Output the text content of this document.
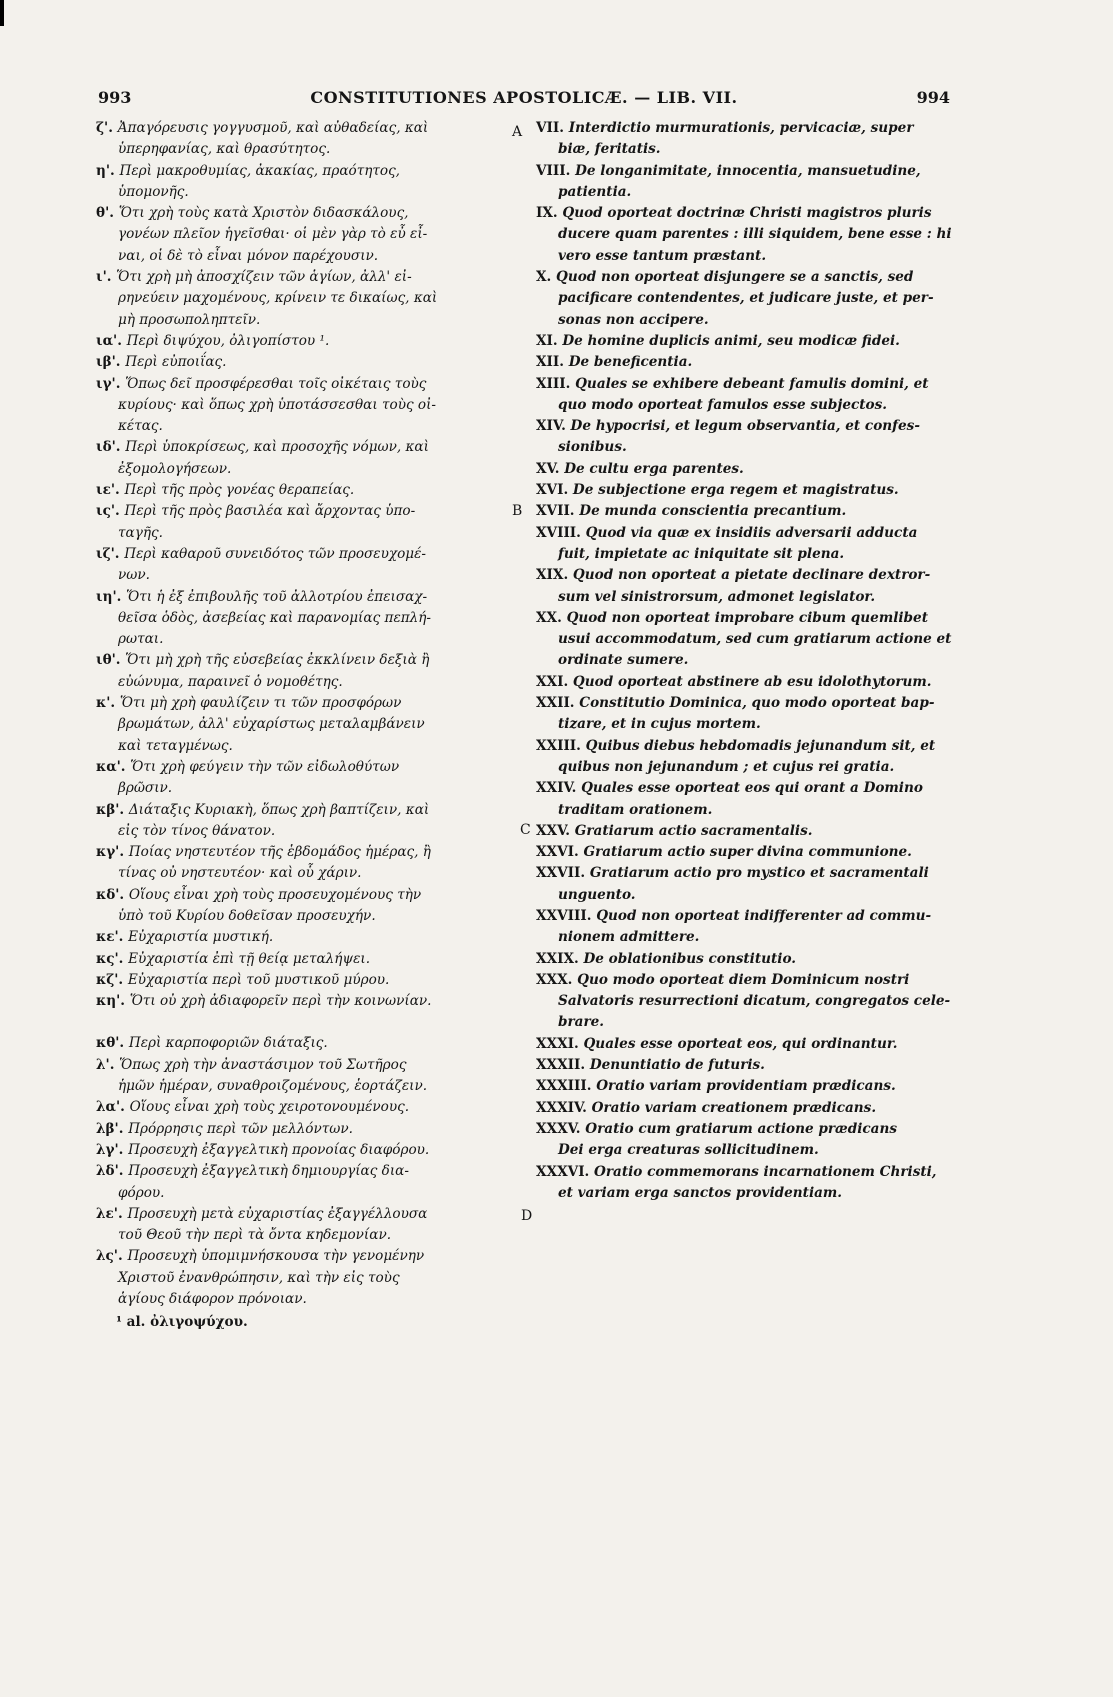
993	CONSTITUTIONES APOSTOLICÆ. — LIB. VII.	994
A
B
C
D
ζ'. Ἀπαγόρευσις γογγυσμοῦ, καὶ αὐθαδείας, καὶ
ὑπερηφανίας, καὶ θρασύτητος.
η'. Περὶ μακροθυμίας, ἀκακίας, πραότητος,
ὑπομονῆς.
θ'. Ὅτι χρὴ τοὺς κατὰ Χριστὸν διδασκάλους,
γονέων πλεῖον ἡγεῖσθαι· οἱ μὲν γὰρ τὸ εὖ εἶ-
ναι, οἱ δὲ τὸ εἶναι μόνον παρέχουσιν.
ι'. Ὅτι χρὴ μὴ ἀποσχίζειν τῶν ἁγίων, ἀλλ' εἰ-
ρηνεύειν μαχομένους, κρίνειν τε δικαίως, καὶ
μὴ προσωποληπτεῖν.
ια'. Περὶ διψύχου, ὀλιγοπίστου ¹.
ιβ'. Περὶ εὐποιΐας.
ιγ'. Ὅπως δεῖ προσφέρεσθαι τοῖς οἰκέταις τοὺς
κυρίους· καὶ ὅπως χρὴ ὑποτάσσεσθαι τοὺς οἰ-
κέτας.
ιδ'. Περὶ ὑποκρίσεως, καὶ προσοχῆς νόμων, καὶ
ἐξομολογήσεων.
ιε'. Περὶ τῆς πρὸς γονέας θεραπείας.
ις'. Περὶ τῆς πρὸς βασιλέα καὶ ἄρχοντας ὑπο-
ταγῆς.
ιζ'. Περὶ καθαροῦ συνειδότος τῶν προσευχομέ-
νων.
ιη'. Ὅτι ἡ ἐξ ἐπιβουλῆς τοῦ ἀλλοτρίου ἐπεισαχ-
θεῖσα ὁδὸς, ἀσεβείας καὶ παρανομίας πεπλή-
ρωται.
ιθ'. Ὅτι μὴ χρὴ τῆς εὐσεβείας ἐκκλίνειν δεξιὰ ἢ
εὐώνυμα, παραινεῖ ὁ νομοθέτης.
κ'. Ὅτι μὴ χρὴ φαυλίζειν τι τῶν προσφόρων
βρωμάτων, ἀλλ' εὐχαρίστως μεταλαμβάνειν
καὶ τεταγμένως.
κα'. Ὅτι χρὴ φεύγειν τὴν τῶν εἰδωλοθύτων
βρῶσιν.
κβ'. Διάταξις Κυριακὴ, ὅπως χρὴ βαπτίζειν, καὶ
εἰς τὸν τίνος θάνατον.
κγ'. Ποίας νηστευτέον τῆς ἑβδομάδος ἡμέρας, ἢ
τίνας οὐ νηστευτέον· καὶ οὗ χάριν.
κδ'. Οἵους εἶναι χρὴ τοὺς προσευχομένους τὴν
ὑπὸ τοῦ Κυρίου δοθεῖσαν προσευχήν.
κε'. Εὐχαριστία μυστική.
κς'. Εὐχαριστία ἐπὶ τῇ θείᾳ μεταλήψει.
κζ'. Εὐχαριστία περὶ τοῦ μυστικοῦ μύρου.
κη'. Ὅτι οὐ χρὴ ἀδιαφορεῖν περὶ τὴν κοινωνίαν.
κθ'. Περὶ καρποφοριῶν διάταξις.
λ'. Ὅπως χρὴ τὴν ἀναστάσιμον τοῦ Σωτῆρος
ἡμῶν ἡμέραν, συναθροιζομένους, ἑορτάζειν.
λα'. Οἵους εἶναι χρὴ τοὺς χειροτονουμένους.
λβ'. Πρόρρησις περὶ τῶν μελλόντων.
λγ'. Προσευχὴ ἐξαγγελτικὴ προνοίας διαφόρου.
λδ'. Προσευχὴ ἐξαγγελτικὴ δημιουργίας δια-
φόρου.
λε'. Προσευχὴ μετὰ εὐχαριστίας ἐξαγγέλλουσα
τοῦ Θεοῦ τὴν περὶ τὰ ὄντα κηδεμονίαν.
λς'. Προσευχὴ ὑπομιμνήσκουσα τὴν γενομένην
Χριστοῦ ἐνανθρώπησιν, καὶ τὴν εἰς τοὺς
ἁγίους διάφορον πρόνοιαν.
¹ al. ὀλιγοψύχου.
VII. Interdictio murmurationis, pervicaciæ, super
biæ, feritatis.
VIII. De longanimitate, innocentia, mansuetudine,
patientia.
IX. Quod oporteat doctrinæ Christi magistros pluris
ducere quam parentes : illi siquidem, bene esse : hi
vero esse tantum præstant.
X. Quod non oporteat disjungere se a sanctis, sed
pacificare contendentes, et judicare juste, et per-
sonas non accipere.
XI. De homine duplicis animi, seu modicæ fidei.
XII. De beneficentia.
XIII. Quales se exhibere debeant famulis domini, et
quo modo oporteat famulos esse subjectos.
XIV. De hypocrisi, et legum observantia, et confes-
sionibus.
XV. De cultu erga parentes.
XVI. De subjectione erga regem et magistratus.
XVII. De munda conscientia precantium.
XVIII. Quod via quæ ex insidiis adversarii adducta
fuit, impietate ac iniquitate sit plena.
XIX. Quod non oporteat a pietate declinare dextror-
sum vel sinistrorsum, admonet legislator.
XX. Quod non oporteat improbare cibum quemlibet
usui accommodatum, sed cum gratiarum actione et
ordinate sumere.
XXI. Quod oporteat abstinere ab esu idolothytorum.
XXII. Constitutio Dominica, quo modo oporteat bap-
tizare, et in cujus mortem.
XXIII. Quibus diebus hebdomadis jejunandum sit, et
quibus non jejunandum ; et cujus rei gratia.
XXIV. Quales esse oporteat eos qui orant a Domino
traditam orationem.
XXV. Gratiarum actio sacramentalis.
XXVI. Gratiarum actio super divina communione.
XXVII. Gratiarum actio pro mystico et sacramentali
unguento.
XXVIII. Quod non oporteat indifferenter ad commu-
nionem admittere.
XXIX. De oblationibus constitutio.
XXX. Quo modo oporteat diem Dominicum nostri
Salvatoris resurrectioni dicatum, congregatos cele-
brare.
XXXI. Quales esse oporteat eos, qui ordinantur.
XXXII. Denuntiatio de futuris.
XXXIII. Oratio variam providentiam prædicans.
XXXIV. Oratio variam creationem prædicans.
XXXV. Oratio cum gratiarum actione prædicans
Dei erga creaturas sollicitudinem.
XXXVI. Oratio commemorans incarnationem Christi,
et variam erga sanctos providentiam.
